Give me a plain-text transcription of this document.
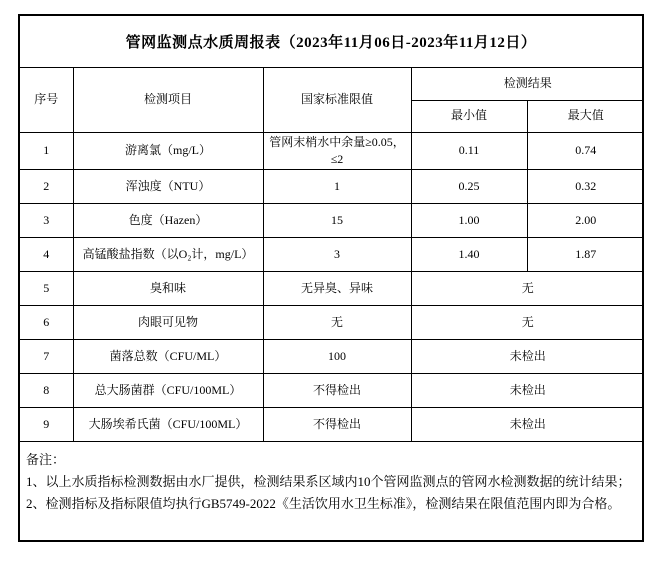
管网监测点水质周报表（2023年11月06日-2023年11月12日）
序号	检测项目	国家标准限值	检测结果	
			最小值	最大值
1	游离氯（mg/L）	管网末梢水中余量≥0.05，≤2	0.11	0.74
2	浑浊度（NTU）	1	0.25	0.32
3	色度（Hazen）	15	1.00	2.00
4	高锰酸盐指数（以O₂计，mg/L）	3	1.40	1.87
5	臭和味	无异臭、异味	无	
6	肉眼可见物	无	无	
7	菌落总数（CFU/ML）	100	未检出	
8	总大肠菌群（CFU/100ML）	不得检出	未检出	
9	大肠埃希氏菌（CFU/100ML）	不得检出	未检出	
备注：
1、以上水质指标检测数据由水厂提供，检测结果系区域内10个管网监测点的管网水检测数据的统计结果；
2、检测指标及指标限值均执行GB5749-2022《生活饮用水卫生标准》，检测结果在限值范围内即为合格。
